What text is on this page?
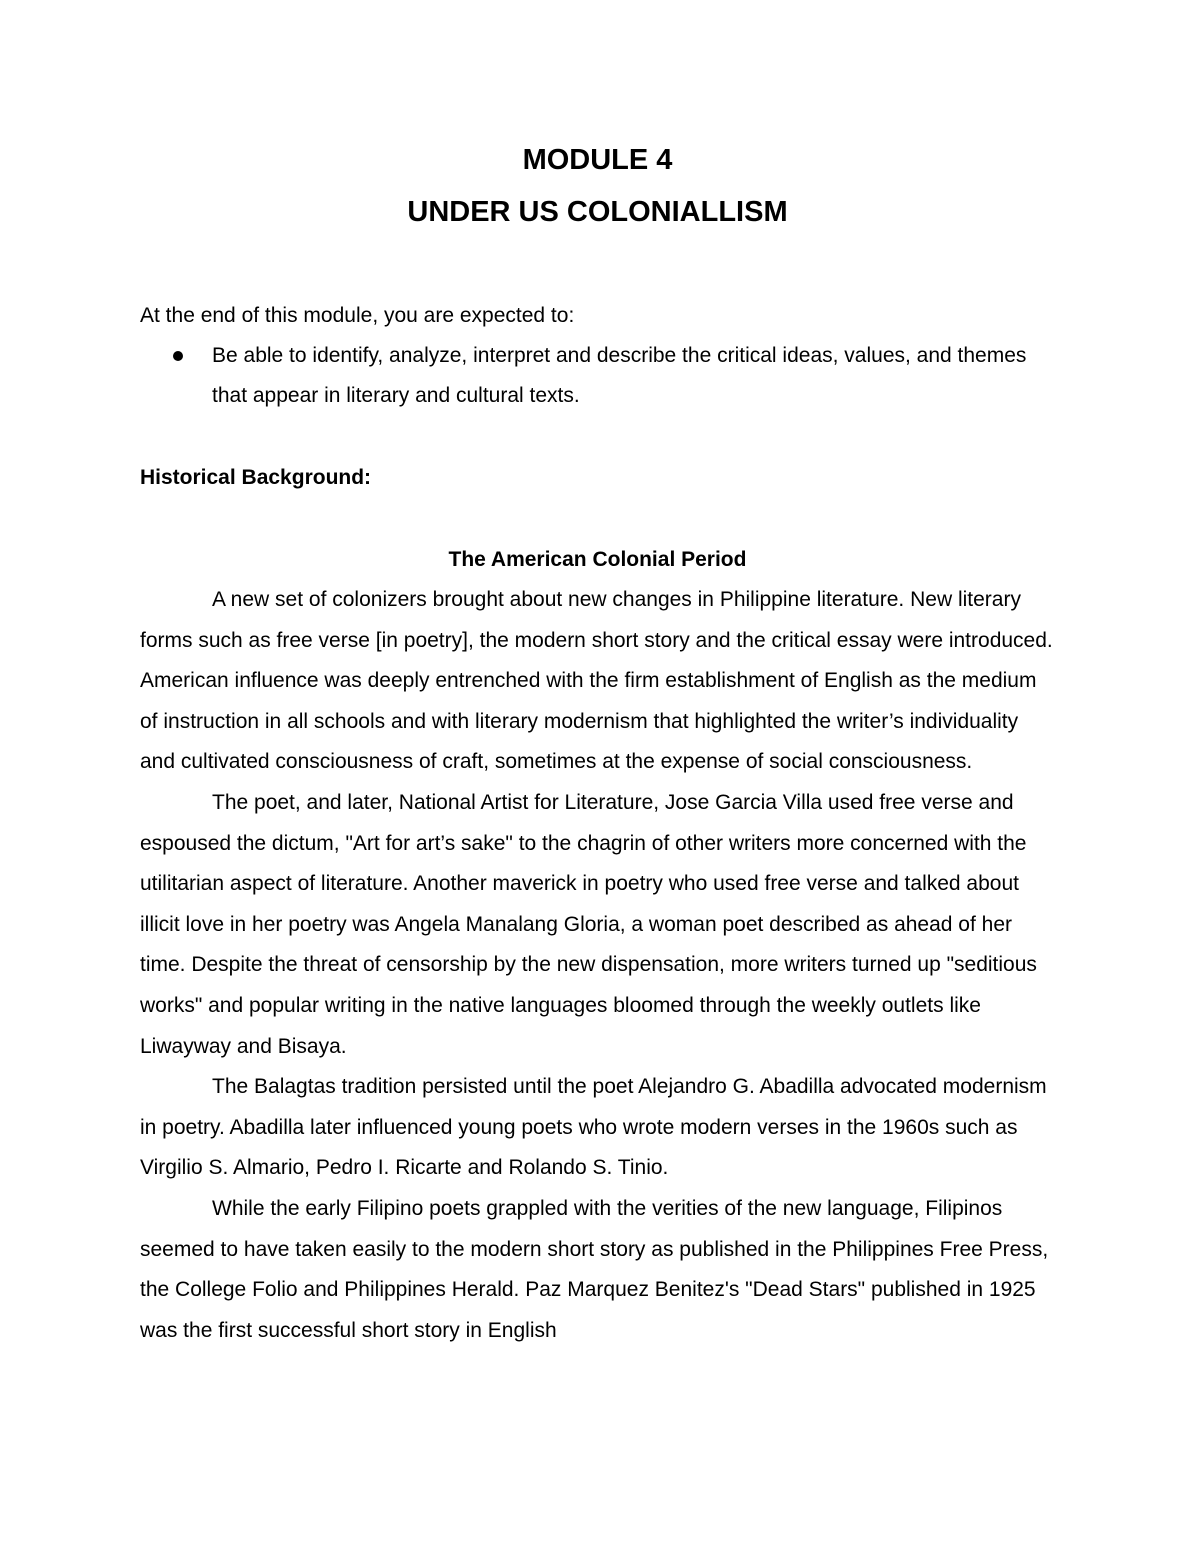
MODULE 4
UNDER US COLONIALLISM
At the end of this module, you are expected to:
Be able to identify, analyze, interpret and describe the critical ideas, values, and themes that appear in literary and cultural texts.
Historical Background:
The American Colonial Period

A new set of colonizers brought about new changes in Philippine literature. New literary forms such as free verse [in poetry], the modern short story and the critical essay were introduced. American influence was deeply entrenched with the firm establishment of English as the medium of instruction in all schools and with literary modernism that highlighted the writer’s individuality and cultivated consciousness of craft, sometimes at the expense of social consciousness.

The poet, and later, National Artist for Literature, Jose Garcia Villa used free verse and espoused the dictum, "Art for art’s sake" to the chagrin of other writers more concerned with the utilitarian aspect of literature. Another maverick in poetry who used free verse and talked about illicit love in her poetry was Angela Manalang Gloria, a woman poet described as ahead of her time. Despite the threat of censorship by the new dispensation, more writers turned up "seditious works" and popular writing in the native languages bloomed through the weekly outlets like Liwayway and Bisaya.

The Balagtas tradition persisted until the poet Alejandro G. Abadilla advocated modernism in poetry. Abadilla later influenced young poets who wrote modern verses in the 1960s such as Virgilio S. Almario, Pedro I. Ricarte and Rolando S. Tinio.

While the early Filipino poets grappled with the verities of the new language, Filipinos seemed to have taken easily to the modern short story as published in the Philippines Free Press, the College Folio and Philippines Herald. Paz Marquez Benitez's "Dead Stars" published in 1925 was the first successful short story in English
